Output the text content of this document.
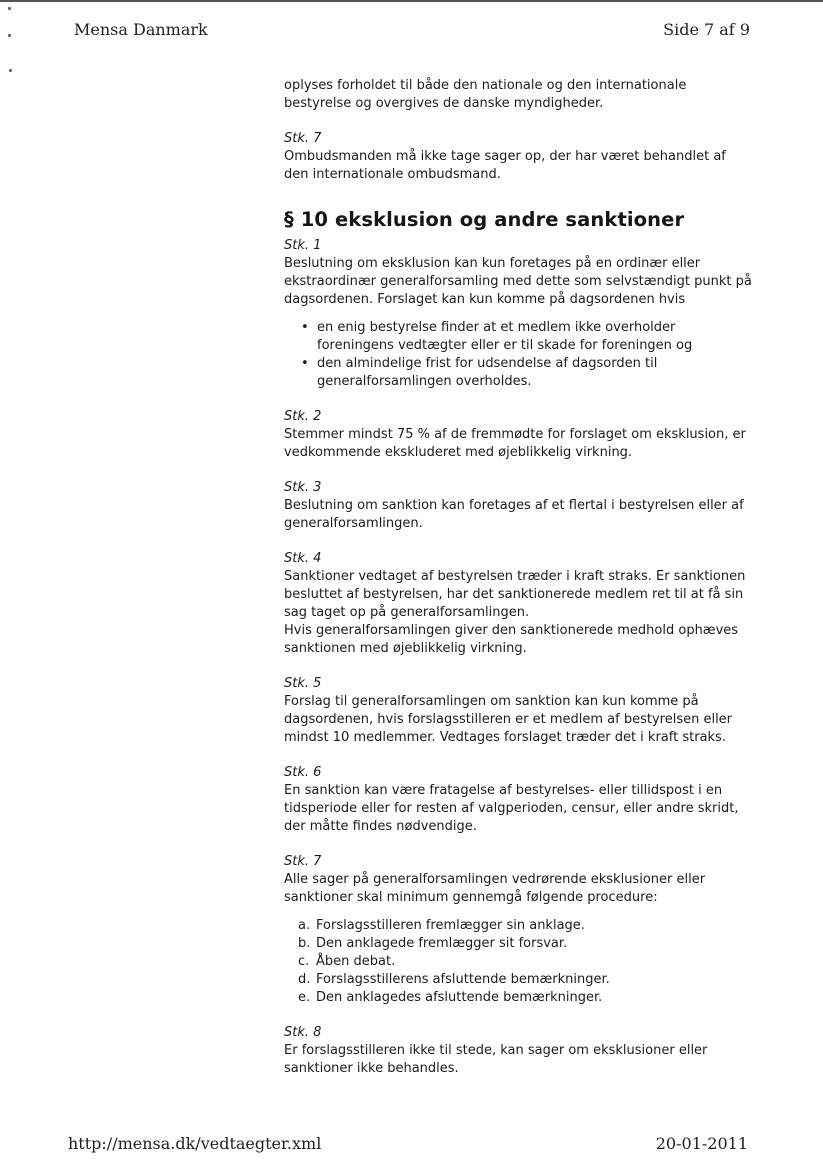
Mensa Danmark	Side 7 af 9

oplyses forholdet til både den nationale og den internationale bestyrelse og overgives de danske myndigheder.

Stk. 7

Ombudsmanden må ikke tage sager op, der har været behandlet af den internationale ombudsmand.

§ 10 eksklusion og andre sanktioner

Stk. 1

Beslutning om eksklusion kan kun foretages på en ordinær eller ekstraordinær generalforsamling med dette som selvstændigt punkt på dagsordenen. Forslaget kan kun komme på dagsordenen hvis

• en enig bestyrelse finder at et medlem ikke overholder foreningens vedtægter eller er til skade for foreningen og
• den almindelige frist for udsendelse af dagsorden til generalforsamlingen overholdes.

Stk. 2

Stemmer mindst 75 % af de fremmødte for forslaget om eksklusion, er vedkommende ekskluderet med øjeblikkelig virkning.

Stk. 3

Beslutning om sanktion kan foretages af et flertal i bestyrelsen eller af generalforsamlingen.

Stk. 4

Sanktioner vedtaget af bestyrelsen træder i kraft straks. Er sanktionen besluttet af bestyrelsen, har det sanktionerede medlem ret til at få sin sag taget op på generalforsamlingen.

Hvis generalforsamlingen giver den sanktionerede medhold ophæves sanktionen med øjeblikkelig virkning.

Stk. 5

Forslag til generalforsamlingen om sanktion kan kun komme på dagsordenen, hvis forslagsstilleren er et medlem af bestyrelsen eller mindst 10 medlemmer. Vedtages forslaget træder det i kraft straks.

Stk. 6

En sanktion kan være fratagelse af bestyrelses- eller tillidspost i en tidsperiode eller for resten af valgperioden, censur, eller andre skridt, der måtte findes nødvendige.

Stk. 7

Alle sager på generalforsamlingen vedrørende eksklusioner eller sanktioner skal minimum gennemgå følgende procedure:

a. Forslagsstilleren fremlægger sin anklage.
b. Den anklagede fremlægger sit forsvar.
c. Åben debat.
d. Forslagsstillerens afsluttende bemærkninger.
e. Den anklagedes afsluttende bemærkninger.

Stk. 8

Er forslagsstilleren ikke til stede, kan sager om eksklusioner eller sanktioner ikke behandles.

http://mensa.dk/vedtaegter.xml	20-01-2011
